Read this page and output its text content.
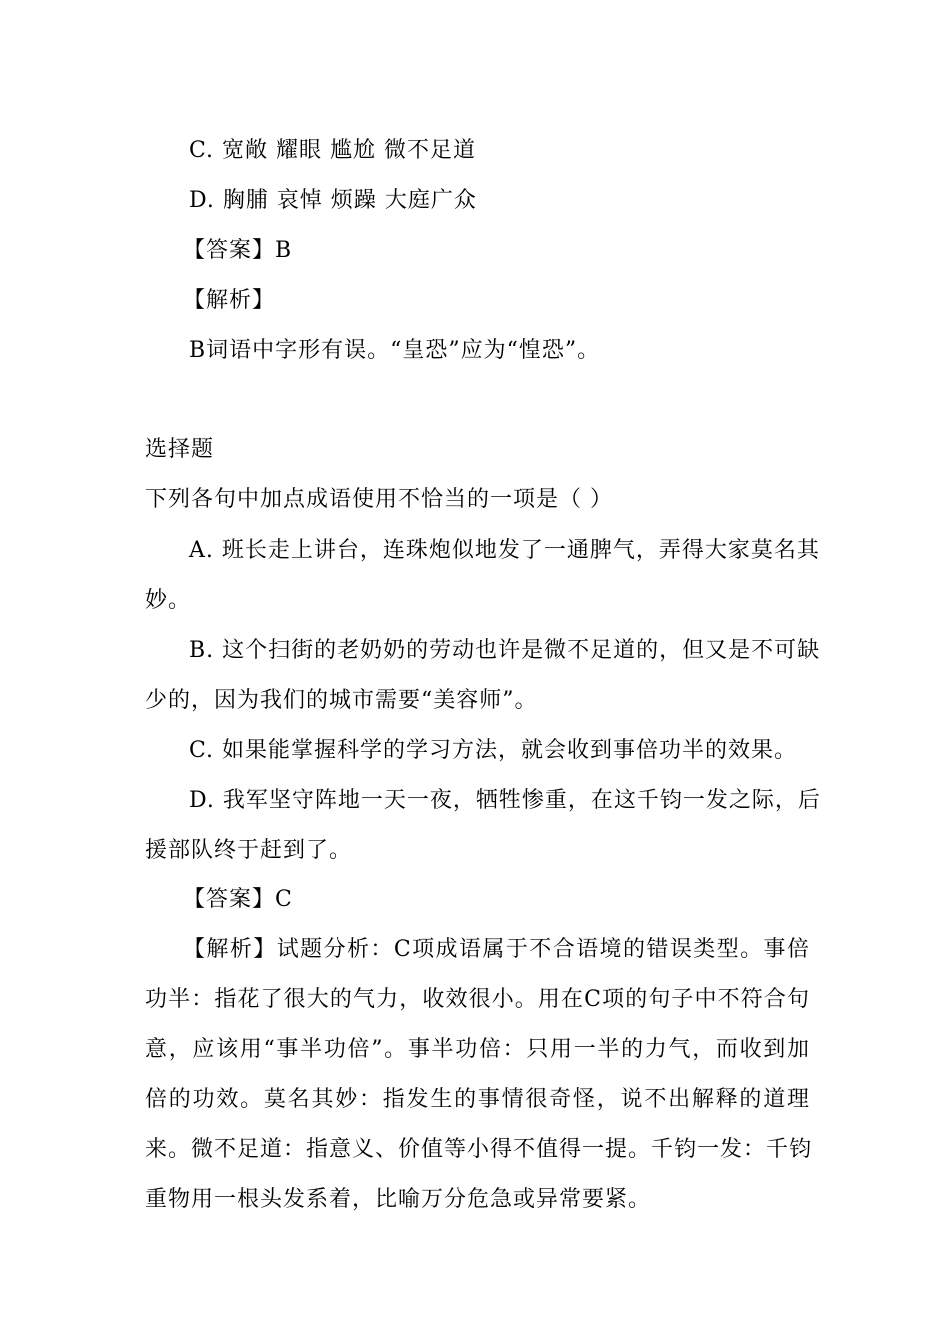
C. 宽敞 耀眼 尴尬 微不足道
D. 胸脯 哀悼 烦躁 大庭广众
【答案】B
【解析】
B词语中字形有误。“皇恐”应为“惶恐”。
选择题
下列各句中加点成语使用不恰当的一项是（ ）
A. 班长走上讲台，连珠炮似地发了一通脾气，弄得大家莫名其
妙。
B. 这个扫街的老奶奶的劳动也许是微不足道的，但又是不可缺
少的，因为我们的城市需要“美容师”。
C. 如果能掌握科学的学习方法，就会收到事倍功半的效果。
D. 我军坚守阵地一天一夜，牺牲惨重，在这千钧一发之际，后
援部队终于赶到了。
【答案】C
【解析】试题分析：C项成语属于不合语境的错误类型。事倍
功半：指花了很大的气力，收效很小。用在C项的句子中不符合句
意，应该用“事半功倍”。事半功倍：只用一半的力气，而收到加
倍的功效。莫名其妙：指发生的事情很奇怪，说不出解释的道理
来。微不足道：指意义、价值等小得不值得一提。千钧一发：千钧
重物用一根头发系着，比喻万分危急或异常要紧。
